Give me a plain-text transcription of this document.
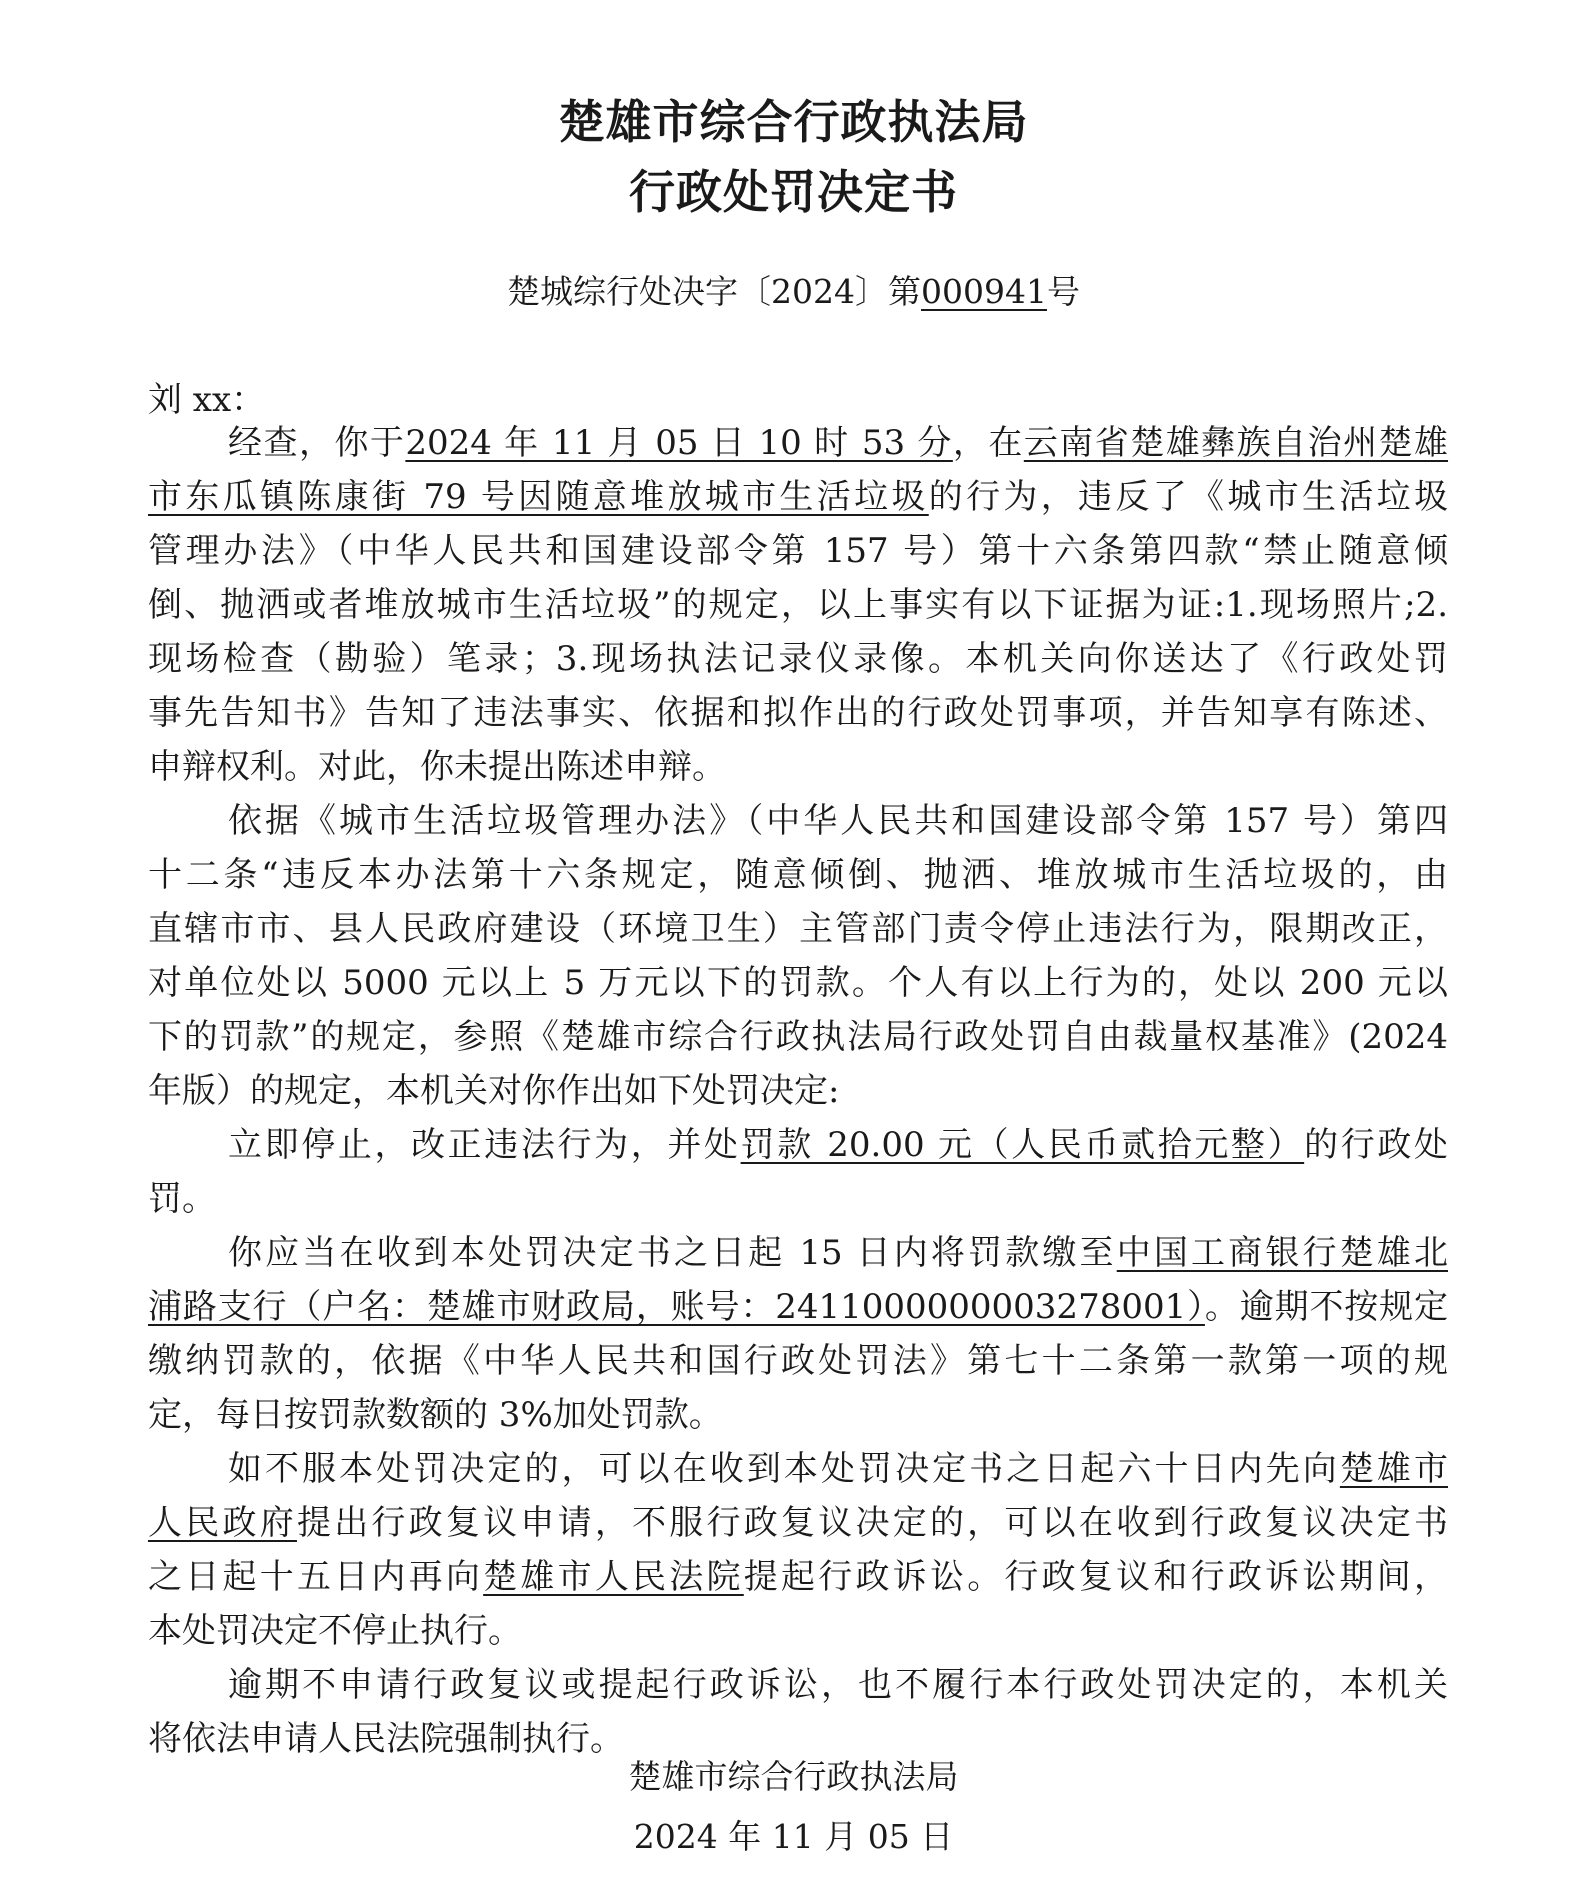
楚雄市综合行政执法局
行政处罚决定书
楚城综行处决字〔2024〕第000941号
刘 xx：
经查，你于2024 年 11 月 05 日 10 时 53 分，在云南省楚雄彝族自治州楚雄
市东瓜镇陈康街 79 号因随意堆放城市生活垃圾的行为，违反了《城市生活垃圾
管理办法》（中华人民共和国建设部令第 157 号）第十六条第四款“禁止随意倾
倒、抛洒或者堆放城市生活垃圾”的规定，以上事实有以下证据为证:1.现场照片;2.
现场检查（勘验）笔录；3.现场执法记录仪录像。本机关向你送达了《行政处罚
事先告知书》告知了违法事实、依据和拟作出的行政处罚事项，并告知享有陈述、
申辩权利。对此，你未提出陈述申辩。
依据《城市生活垃圾管理办法》（中华人民共和国建设部令第 157 号）第四
十二条“违反本办法第十六条规定，随意倾倒、抛洒、堆放城市生活垃圾的，由
直辖市市、县人民政府建设（环境卫生）主管部门责令停止违法行为，限期改正，
对单位处以 5000 元以上 5 万元以下的罚款。个人有以上行为的，处以 200 元以
下的罚款”的规定，参照《楚雄市综合行政执法局行政处罚自由裁量权基准》(2024
年版）的规定，本机关对你作出如下处罚决定:
立即停止，改正违法行为，并处罚款 20.00 元（人民币贰拾元整）的行政处
罚。
你应当在收到本处罚决定书之日起 15 日内将罚款缴至中国工商银行楚雄北
浦路支行（户名：楚雄市财政局，账号：2411000000003278001）。逾期不按规定
缴纳罚款的，依据《中华人民共和国行政处罚法》第七十二条第一款第一项的规
定，每日按罚款数额的 3%加处罚款。
如不服本处罚决定的，可以在收到本处罚决定书之日起六十日内先向楚雄市
人民政府提出行政复议申请，不服行政复议决定的，可以在收到行政复议决定书
之日起十五日内再向楚雄市人民法院提起行政诉讼。行政复议和行政诉讼期间，
本处罚决定不停止执行。
逾期不申请行政复议或提起行政诉讼，也不履行本行政处罚决定的，本机关
将依法申请人民法院强制执行。
楚雄市综合行政执法局
2024 年 11 月 05 日
